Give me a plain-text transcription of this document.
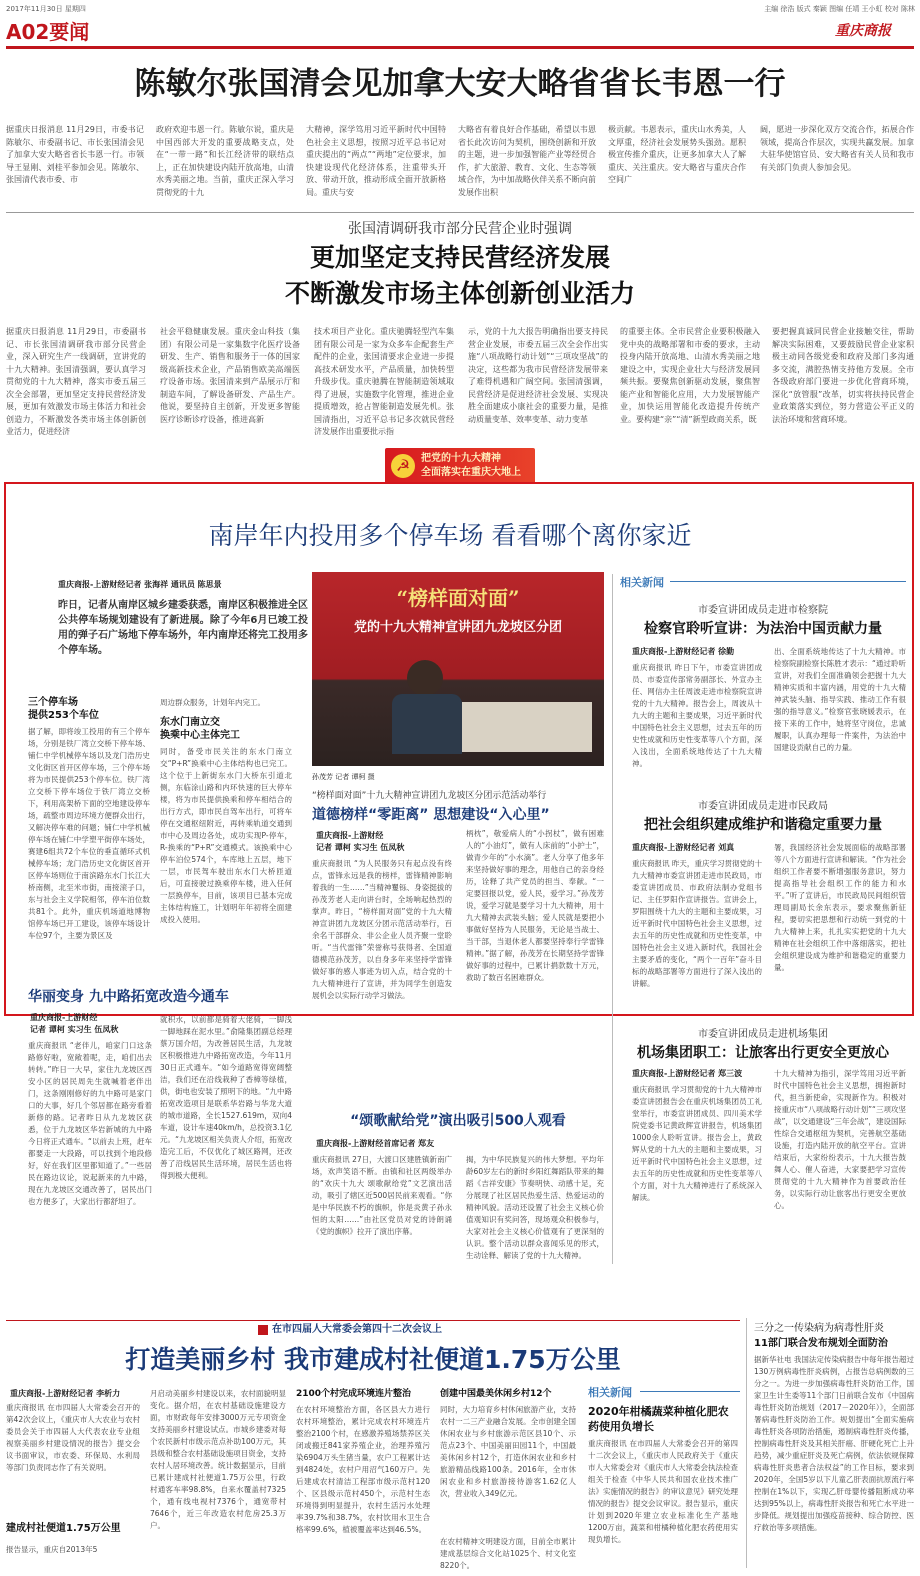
2017年11月30日 星期四	主编 徐浩 版式 秦颖 图编 任靖 王小虹 校对 陈林
A02要闻	重庆商报
陈敏尔张国清会见加拿大安大略省省长韦恩一行
据重庆日报消息 11月29日，市委书记陈敏尔、市委副书记、市长张国清会见了加拿大安大略省省长韦恩一行。市领导王显刚、刘桂平参加会见。陈敏尔、张国清代表市委、市
政府欢迎韦恩一行。陈敏尔说，重庆是中国西部大开发的重要战略支点，处在“一带一路”和长江经济带的联结点上，正在加快建设内陆开放高地，山清水秀美丽之地。当前，重庆正深入学习贯彻党的十九
大精神，深学笃用习近平新时代中国特色社会主义思想，按照习近平总书记对重庆提出的“两点”“两地”定位要求，加快建设现代化经济体系，注重带头开放、带动开放，推动形成全面开放新格局。重庆与安
大略省有着良好合作基础，希望以韦恩省长此次访问为契机，围绕创新和开放的主题，进一步加强智能产业等经贸合作，扩大旅游、教育、文化、生态等领域合作，为中加战略伙伴关系不断向前发展作出积
极贡献。韦恩表示，重庆山水秀美，人文厚重，经济社会发展势头强劲。愿积极宣传推介重庆，让更多加拿大人了解重庆、关注重庆。安大略省与重庆合作空间广
阔，愿进一步深化双方交流合作，拓展合作领域，提高合作层次，实现共赢发展。加拿大驻华使馆官员、安大略省有关人员和我市有关部门负责人参加会见。
张国清调研我市部分民营企业时强调
更加坚定支持民营经济发展
不断激发市场主体创新创业活力
据重庆日报消息 11月29日，市委副书记、市长张国清调研我市部分民营企业，深入研究生产一线调研，宣讲党的十九大精神。张国清强调，要认真学习贯彻党的十九大精神，落实市委五届三次全会部署，更加坚定支持民营经济发展，更加有效激发市场主体活力和社会创造力，不断激发各类市场主体创新创业活力，促进经济
社会平稳健康发展。重庆金山科技（集团）有限公司是一家集数字化医疗设备研发、生产、销售和服务于一体的国家级高新技术企业，产品销售欧美高端医疗设备市场。张国清来到产品展示厅和制造车间，了解设备研发、产品生产。他说，要坚持自主创新，开发更多智能医疗诊断诊疗设备，推进高新
技术项目产业化。重庆驰腾轻型汽车集团有限公司是一家为众多车企配套生产配件的企业，张国清要求企业进一步提高技术研发水平，产品质量，加快转型升级步伐。重庆驰腾在智能制造领域取得了进展，实施数字化管理，推进企业提质增效，抢占智能制造发展先机。张国清指出，习近平总书记多次就民营经济发展作出重要批示指
示，党的十九大报告明确指出要支持民营企业发展，市委五届三次全会作出实施“八项战略行动计划”“三项攻坚战”的决定，这些都为我市民营经济发展带来了难得机遇和广阔空间。张国清强调，民营经济是促进经济社会发展、实现决胜全面建成小康社会的重要力量，是推动质量变革、效率变革、动力变革
的重要主体。全市民营企业要积极融入党中央的战略部署和市委的要求，主动投身内陆开放高地、山清水秀美丽之地建设之中，实现企业壮大与经济发展同频共振。要聚焦创新驱动发展，聚焦智能产业和智能化应用，大力发展智能产业，加快运用智能化改造提升传统产业。要构建“亲”“清”新型政商关系，既
要把握真诚同民营企业接触交往，帮助解决实际困难，又要鼓励民营企业家积极主动同各级党委和政府及部门多沟通多交流，满腔热情支持他方发展。全市各级政府部门要进一步优化营商环境，深化“放管服”改革，切实将扶持民营企业政策落实到位，努力营造公平正义的法治环境和营商环境。
☭	把党的十九大精神
全面落实在重庆大地上
南岸年内投用多个停车场 看看哪个离你家近
重庆商报-上游财经记者 张海祥 通讯员 陈思景
昨日，记者从南岸区城乡建委获悉，南岸区积极推进全区公共停车场规划建设有了新进展。除了今年6月已竣工投用的弹子石广场地下停车场外，年内南岸还将完工投用多个停车场。
“榜样面对面”
党的十九大精神宣讲团九龙坡区分团
孙茂芳 记者 谭柯 摄
三个停车场
提供253个车位
据了解，即将竣工投用的有三个停车场，分别是铁厂湾立交桥下停车场、铺仁中学机械停车场以及龙门浩历史文化街区首开区停车场，三个停车场将为市民提供253个停车位。铁厂湾立交桥下停车场位于铁厂湾立交桥下，利用高架桥下面的空地建设停车场，疏整市周边环境方便群众出行，又解决停车难的问题；铺仁中学机械停车场在铺仁中学塑平街停车场处，赛建6组共72个车位的垂直循环式机械停车场；龙门浩历史文化街区首开区停车场则位于南滨路东水门长江大桥南侧，北至米市街，南接滚子口，东与社会主义学院相邻，停车泊位数共81个。此外，重庆机场道地博物馆停车场已开工建设，该停车场设计车位97个，主要为景区及
周边群众服务，计划年内完工。
东水门南立交
换乘中心主体完工
同时，备受市民关注的东水门南立交“P+R”换乘中心主体结构也已完工。这个位于上新街东水门大桥东引道北侧，东临涂山路和内环快速的巨大停车楼，将为市民提供换乘和停车相结合的出行方式，即市民自驾车出行，可将车停在交通枢纽附近，再转乘轨道交通到市中心及周边各处，成功实现P-停车，R-换乘的“P+R”交通模式。该换乘中心停车泊位574个，车库地上五层，地下一层，市民驾车驶出东水门大桥匝道后，可直接驶过换乘停车楼，进入任何一层换停车，目前，该项目已基本完成主体结构施工，计划明年年初将全面建成投入使用。
华丽变身 九中路拓宽改造今通车
重庆商报-上游财经
记者 谭柯 实习生 伍凤秋
重庆商报讯 “老伴儿，咱家门口这条路修好啦，宽敞着呢，走，咱们出去转转。”昨日一大早，家住九龙坡区西安小区的居民周先生就喊着老伴出门，这条刚刚修好的九中路可是家门口的大事，好几个邻居都在路旁看着新修的路。记者昨日从九龙坡区获悉，位于九龙坡区华岩新城的九中路今日将正式通车。“以前去上班，赶车都要走一大段路，可以找到个地段修好，好在我们区里都知道了。”一些居民在路边议论，说起新来的九中路，现在九龙坡区交通改善了，居民出门也方便多了，大家出行都舒坦了。
就积水，以前都是骑着大佬骑，一脚浅一脚地踩在泥水里。”俞隆集团副总经理蔡万国介绍，为改善居民生活，九龙坡区积极推进九中路拓宽改造，今年11月30日正式通车。“如今道路宽得宽阔整洁，我们还在沿线栽种了香樟等绿植，供，街电也安装了照明下的地。“九中路拓宽改造项目是联系华岩路与华龙大道的城市道路，全长1527.619m，双向4车道，设计车速40km/h，总投资3.1亿元。“九龙坡区相关负责人介绍，拓宽改造完工后，不仅优化了城区路网，还改善了沿线居民生活环境，居民生活也将得到极大便利。
“榜样面对面”十九大精神宣讲团九龙坡区分团示范活动举行
道德榜样“零距离” 思想建设“入心里”
重庆商报-上游财经
记者 谭柯 实习生 伍凤秋
重庆商报讯 “为人民服务只有起点没有终点，雷锋永远是我的榜样，雷锋精神影响着我的一生……”当精神矍铄、身姿挺拔的孙茂芳老人走向讲台时，全场响起热烈的掌声。昨日，“榜样面对面”党的十九大精神宣讲团九龙坡区分团示范活动举行，百余名干部群众、非公企业人员齐聚一堂聆听。“当代雷锋”荣誉称号获得者、全国道德模范孙茂芳，以自身多年来坚持学雷锋做好事的感人事迹为切入点，结合党的十九大精神进行了宣讲，并为同学生创造发展机会以实际行动学习做法。
柄枕”，敬爱病人的“小拐杖”，做有困难人的“小油灯”，做有人床前的“小护士”，做青少年的“小水滴”。老人分享了他多年来坚持做好事的理念，用他自己的亲身经历，诠释了共产党员的担当、奉献。“一定要回报以党，爱人民，爱学习。”孙茂芳说，爱学习就是要学习十九大精神，用十九大精神去武装头脑；爱人民就是要把小事做好坚持为人民服务，无论是当战士、当干部，当退休老人都要坚持奉行学雷锋精神。”据了解，孙茂芳在长期坚持学雷锋做好事的过程中，已累计捐款数十万元，救助了数百名困难群众。
“颂歌献给党”演出吸引500人观看
重庆商报-上游财经首席记者 郑友
重庆商报讯 27日，大渡口区建胜镇新南广场，欢声笑语不断。由镇和社区两级举办的“欢庆十九大 颂歌献给党”文艺演出活动，吸引了辖区近500居民前来观看。“你是中华民族不朽的旗帜，你是炎黄子孙永恒的太阳……”由社区党员对党的诗朗诵《党的旗帜》拉开了演出序幕。
揭，为中华民族复兴的伟大梦想。平均年龄60岁左右的新时乡阳红舞蹈队带来的舞蹈《吉祥安康》节奏明快、动感十足，充分展现了社区居民热爱生活、热爱运动的精神风貌。活动还设置了社会主义核心价值观知识有奖问答，现场观众积极参与，大家对社会主义核心价值观有了更深刻的认识。整个活动以群众喜闻乐见的形式，生动诠释、解读了党的十九大精神。
相关新闻
市委宣讲团成员走进市检察院
检察官聆听宣讲：为法治中国贡献力量
重庆商报-上游财经记者 徐勤
重庆商报讯 昨日下午，市委宣讲团成员、市委宣传部常务副部长、外宣办主任、网信办主任周波走进市检察院宣讲党的十九大精神。报告会上，周波从十九大的主题和主要成果，习近平新时代中国特色社会主义思想，过去五年的历史性成就和历史性变革等八个方面，深入浅出，全面系统地传达了十九大精神。
出、全面系统地传达了十九大精神。市检察院副检察长陈胜才表示：“通过聆听宣讲，对我们全面准确领会把握十九大精神实质和丰富内涵，用党的十九大精神武装头脑、指导实践、推动工作有很强的指导意义。”检察官张晓媛表示，在接下来的工作中，她将坚守岗位，忠诚履职，认真办理每一件案件，为法治中国建设贡献自己的力量。
市委宣讲团成员走进市民政局
把社会组织建成维护和谐稳定重要力量
重庆商报-上游财经记者 刘真
重庆商报讯 昨天，重庆学习贯彻党的十九大精神市委宣讲团走进市民政局，市委宣讲团成员、市政府法制办党组书记、主任罗阳作宣讲报告。宣讲会上，罗阳围绕十九大的主题和主要成果，习近平新时代中国特色社会主义思想，过去五年的历史性成就和历史性变革，中国特色社会主义进入新时代，我国社会主要矛盾的变化，“两个一百年”奋斗目标的战略部署等方面进行了深入浅出的讲解。
署，我国经济社会发展面临的战略部署等八个方面进行宣讲和解读。“作为社会组织工作者要不断增强服务意识，努力提高指导社会组织工作的能力和水平。”听了宣讲后，市民政局民间组织管理局副局长余东表示，要求聚焦新征程，要切实把思想和行动统一到党的十九大精神上来，扎扎实实把党的十九大精神在社会组织工作中落细落实，把社会组织建设成为维护和谐稳定的重要力量。
市委宣讲团成员走进机场集团
机场集团职工：让旅客出行更安全更放心
重庆商报-上游财经记者 郑三波
重庆商报讯 学习贯彻党的十九大精神市委宣讲团报告会在重庆机场集团员工礼堂举行，市委宣讲团成员、四川美术学院党委书记黄政辉宣讲报告，机场集团1000余人聆听宣讲。报告会上，黄政辉从党的十九大的主题和主要成果，习近平新时代中国特色社会主义思想，过去五年的历史性成就和历史性变革等八个方面，对十九大精神进行了系统深入解读。
十九大精神为指引，深学笃用习近平新时代中国特色社会主义思想，拥抱新时代，担当新使命，实现新作为。积极对接重庆市“八项战略行动计划”“三项攻坚战”，以交通建设“三年会战”，建设国际性综合交通枢纽为契机，完善航空基础设施，打造内陆开放的航空平台。宣讲结束后，大家纷纷表示，十九大报告鼓舞人心、催人奋进，大家要把学习宣传贯彻党的十九大精神作为首要政治任务，以实际行动让旅客出行更安全更放心。
在市四届人大常委会第四十二次会议上
打造美丽乡村 我市建成村社便道1.75万公里
重庆商报-上游财经记者 李析力
重庆商报讯 在市四届人大常委会召开的第42次会议上，《重庆市人大农业与农村委员会关于市四届人大代表农业专业组视察美丽乡村建设情况的报告》提交会议书面审议，市农委、环保局、水利局等部门负责同志作了有关说明。
建成村社便道1.75万公里
报告显示，重庆自2013年5
月启动美丽乡村建设以来，农村面貌明显变化。据介绍，在农村基础设施建设方面，市财政每年安排3000万元专项资金支持美丽乡村建设试点。市城乡建委对每个农民新村市级示范点补助100万元，其县级和整合农村基础设施项目资金，支持农村人居环境改善。统计数据显示，目前已累计建成村社便道1.75万公里，行政村通客车率98.8%，自来水覆盖村7325个，通有线电视村7376个，通宽带村7646个，近三年改造农村危房25.3万户。
2100个村完成环境连片整治
在农村环境整治方面，各区县大力进行农村环境整治，累计完成农村环境连片整治2100个村，在感激养殖场禁养区关闭或搬迁841家养殖企业，治理养殖污染6904万头生猪当量，农户工程累计达到4824处，农村户用沼气160万户。先后建成农村清洁工程部市级示范村120个、区县级示范村450个，示范村生态环境得到明显提升，农村生活污水处理率39.7%和38.7%，农村饮用水卫生合格率99.6%，植被覆盖率达到46.5%。
创建中国最美休闲乡村12个
同时，大力培育乡村休闲旅游产业，支持农村一二三产业融合发展。全市创建全国休闲农业与乡村旅游示范区县10个、示范点23个、中国美丽田园11个，中国最美休闲乡村12个，打造休闲农业和乡村旅游精品线路100条。2016年，全市休闲农业和乡村旅游接待游客1.62亿人次，营业收入349亿元。
在农村精神文明建设方面，目前全市累计建成基层综合文化站1025个、村文化室8220个。
相关新闻
2020年柑橘蔬菜种植化肥农药使用负增长
重庆商报讯 在市四届人大常委会召开的第四十二次会议上，《重庆市人民政府关于《重庆市人大常委会对《重庆市人大常委会执法检查组关于检查《中华人民共和国农业技术推广法》实施情况的报告》的审议意见》研究处理情况的报告》提交会议审议。报告显示，重庆计划到2020年建立农业标准化生产基地1200万亩，蔬菜和柑橘种植化肥农药使用实现负增长。
三分之一传染病为病毒性肝炎
11部门联合发布规划全面防治
据新华社电 我国法定传染病报告中每年报告超过130万例病毒性肝炎病例，占报告总病例数的三分之一。为进一步加强病毒性肝炎防治工作，国家卫生计生委等11个部门日前联合发布《中国病毒性肝炎防治规划（2017－2020年）》，全面部署病毒性肝炎防治工作。规划提出“全面实施病毒性肝炎各项防治措施，遏制病毒性肝炎传播，控制病毒性肝炎及其相关肝癌、肝硬化死亡上升趋势，减少重症肝炎及死亡病例，依法依规保障病毒性肝炎患者合法权益”的工作目标，要求到2020年，全国5岁以下儿童乙肝表面抗原流行率控制在1%以下，实现乙肝母婴传播阻断成功率达到95%以上，病毒性肝炎报告和死亡水平进一步降低。规划提出加强疫苗接种、综合防控、医疗救治等多项措施。
